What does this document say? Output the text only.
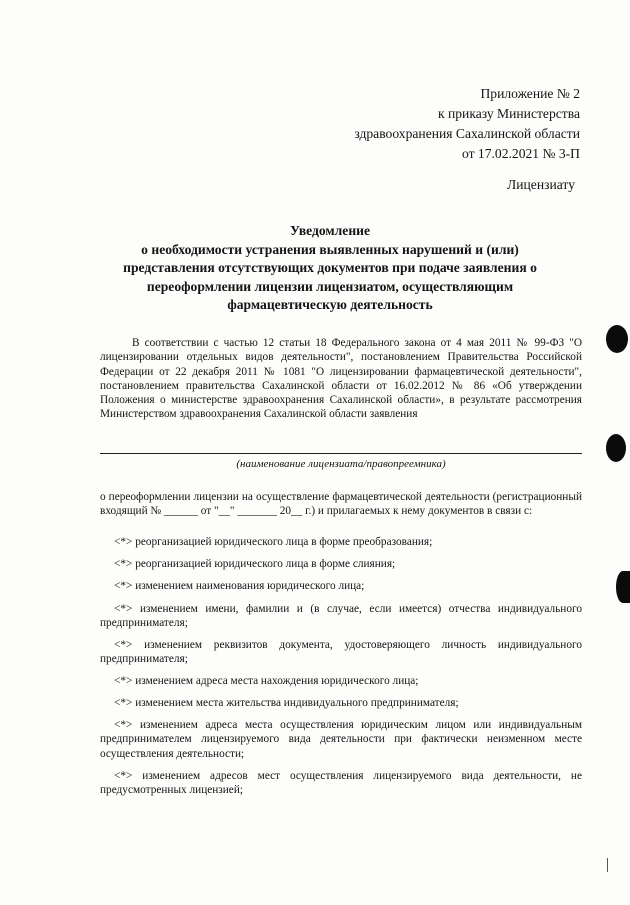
Приложение № 2
к приказу Министерства
здравоохранения Сахалинской области
от 17.02.2021 № 3-П
Лицензиату
Уведомление
о необходимости устранения выявленных нарушений и (или)
представления отсутствующих документов при подаче заявления о
переоформлении лицензии лицензиатом, осуществляющим
фармацевтическую деятельность
В соответствии с частью 12 статьи 18 Федерального закона от 4 мая 2011 № 99-ФЗ "О лицензировании отдельных видов деятельности", постановлением Правительства Российской Федерации от 22 декабря 2011 № 1081 "О лицензировании фармацевтической деятельности", постановлением правительства Сахалинской области от 16.02.2012 № 86 «Об утверждении Положения о министерстве здравоохранения Сахалинской области», в результате рассмотрения Министерством здравоохранения Сахалинской области заявления
(наименование лицензиата/правопреемника)
о переоформлении лицензии на осуществление фармацевтической деятельности (регистрационный входящий № ______ от "__" _______ 20__ г.) и прилагаемых к нему документов в связи с:
<*> реорганизацией юридического лица в форме преобразования;
<*> реорганизацией юридического лица в форме слияния;
<*> изменением наименования юридического лица;
<*> изменением имени, фамилии и (в случае, если имеется) отчества индивидуального предпринимателя;
<*> изменением реквизитов документа, удостоверяющего личность индивидуального предпринимателя;
<*> изменением адреса места нахождения юридического лица;
<*> изменением места жительства индивидуального предпринимателя;
<*> изменением адреса места осуществления юридическим лицом или индивидуальным предпринимателем лицензируемого вида деятельности при фактически неизменном месте осуществления деятельности;
<*> изменением адресов мест осуществления лицензируемого вида деятельности, не предусмотренных лицензией;
